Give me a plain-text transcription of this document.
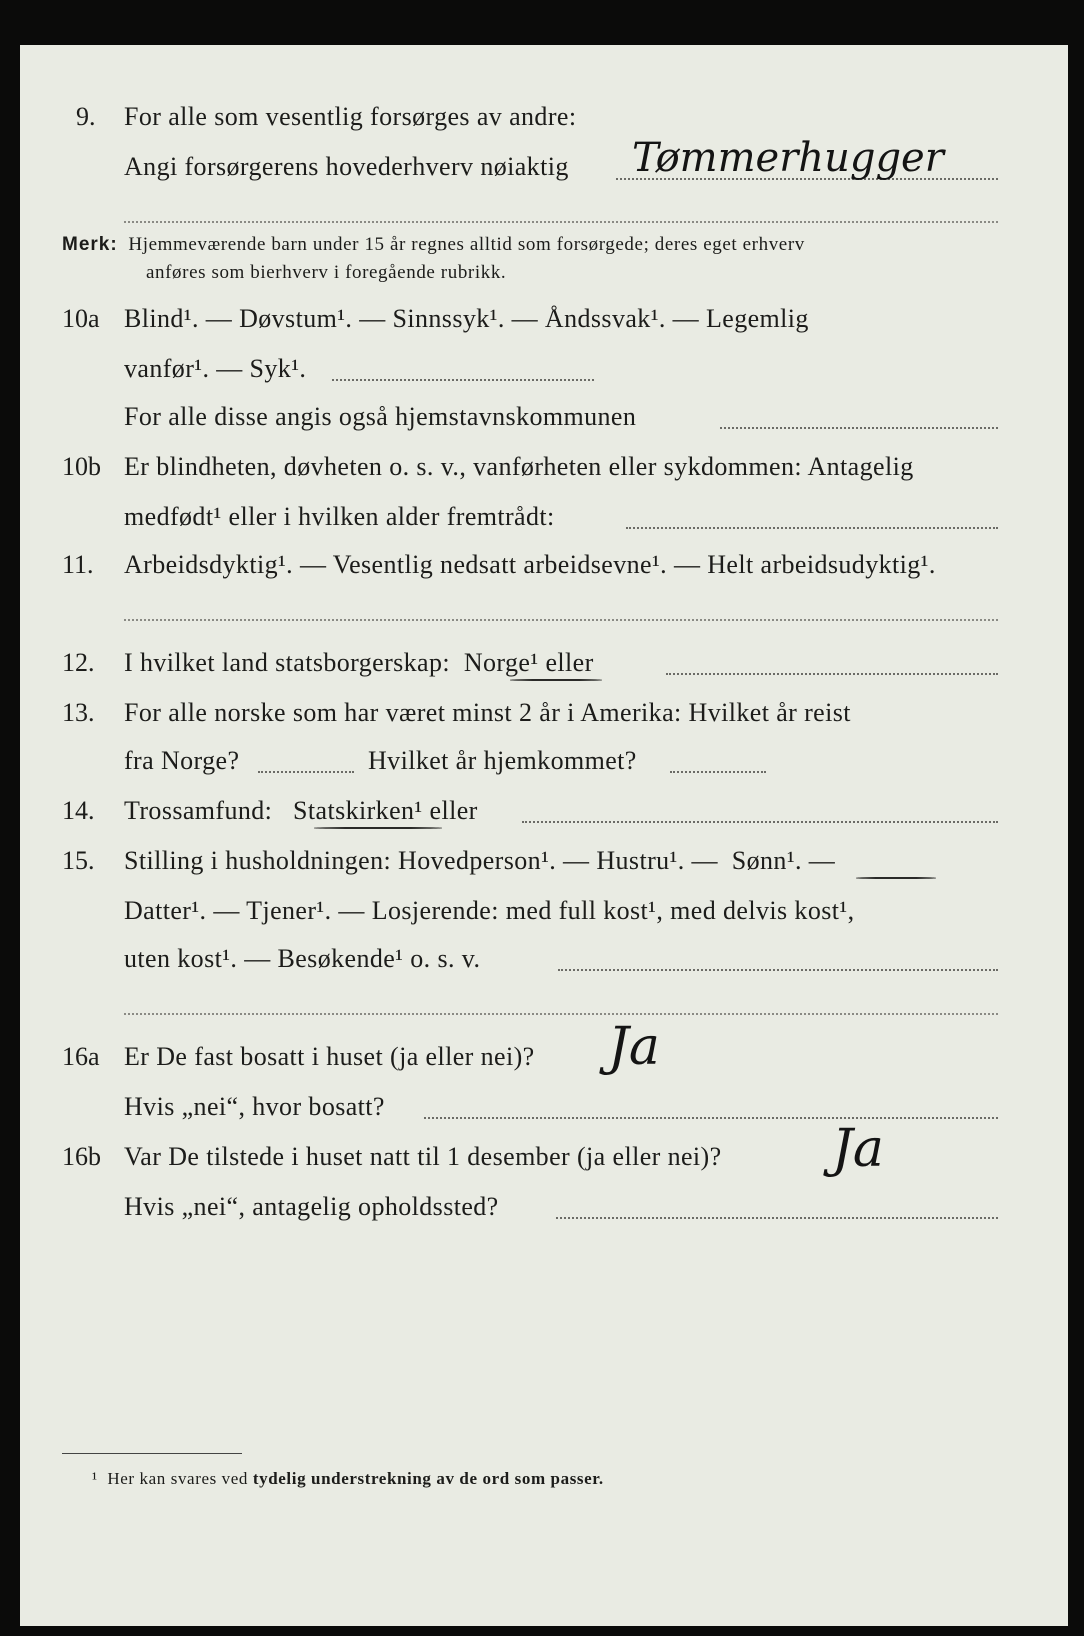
9. For alle som vesentlig forsørges av andre:
Angi forsørgerens hovederhverv nøiaktig Tømmerhugger
Merk: Hjemmeværende barn under 15 år regnes alltid som forsørgede; deres eget erhverv
anføres som bierhverv i foregående rubrikk.
10a Blind¹. — Døvstum¹. — Sinnssyk¹. — Åndssvak¹. — Legemlig
vanfør¹. — Syk¹.
For alle disse angis også hjemstavnskommunen
10b Er blindheten, døvheten o. s. v., vanførheten eller sykdommen: Antagelig
medfødt¹ eller i hvilken alder fremtrådt:
11. Arbeidsdyktig¹. — Vesentlig nedsatt arbeidsevne¹. — Helt arbeidsudyktig¹.
12. I hvilket land statsborgerskap: Norge¹ eller
13. For alle norske som har været minst 2 år i Amerika: Hvilket år reist
fra Norge?	Hvilket år hjemkommet?
14. Trossamfund: Statskirken¹ eller
15. Stilling i husholdningen: Hovedperson¹. — Hustru¹. — Sønn¹. —
Datter¹. — Tjener¹. — Losjerende: med full kost¹, med delvis kost¹,
uten kost¹. — Besøkende¹ o. s. v.
16a Er De fast bosatt i huset (ja eller nei)? Ja
Hvis „nei“, hvor bosatt?
16b Var De tilstede i huset natt til 1 desember (ja eller nei)? Ja
Hvis „nei“, antagelig opholdssted?
¹ Her kan svares ved tydelig understrekning av de ord som passer.
